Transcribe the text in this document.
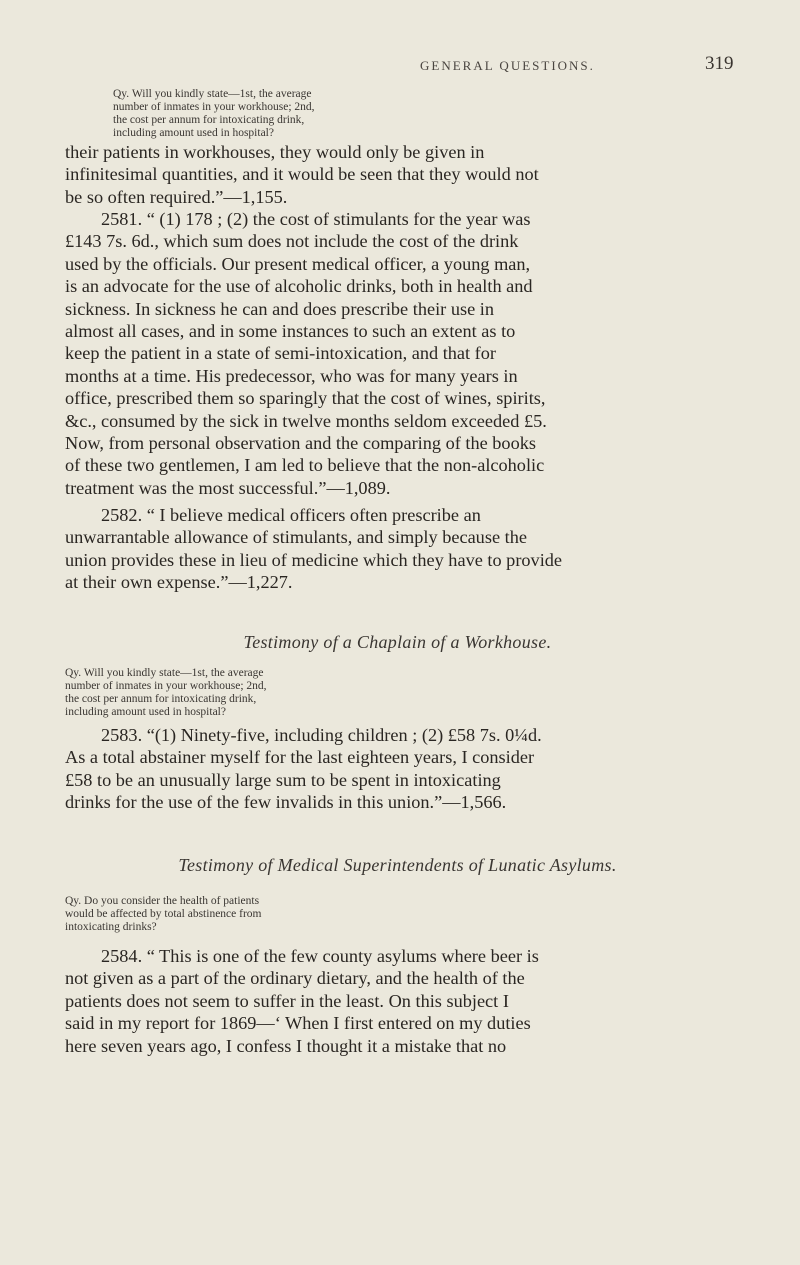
GENERAL QUESTIONS.	319
Qy. Will you kindly state—1st, the average
number of inmates in your workhouse; 2nd,
the cost per annum for intoxicating drink,
including amount used in hospital?

their patients in workhouses, they would only be given in

infinitesimal quantities, and it would be seen that they would not

be so often required.”—1,155.

2581. “ (1) 178 ; (2) the cost of stimulants for the year was

£143 7s. 6d., which sum does not include the cost of the drink

used by the officials. Our present medical officer, a young man,

is an advocate for the use of alcoholic drinks, both in health and

sickness. In sickness he can and does prescribe their use in

almost all cases, and in some instances to such an extent as to

keep the patient in a state of semi-intoxication, and that for

months at a time. His predecessor, who was for many years in

office, prescribed them so sparingly that the cost of wines, spirits,

&c., consumed by the sick in twelve months seldom exceeded £5.

Now, from personal observation and the comparing of the books

of these two gentlemen, I am led to believe that the non-alcoholic

treatment was the most successful.”—1,089.

2582. “ I believe medical officers often prescribe an

unwarrantable allowance of stimulants, and simply because the

union provides these in lieu of medicine which they have to provide

at their own expense.”—1,227.

Testimony of a Chaplain of a Workhouse.
Qy. Will you kindly state—1st, the average
number of inmates in your workhouse; 2nd,
the cost per annum for intoxicating drink,
including amount used in hospital?

2583. “(1) Ninety-five, including children ; (2) £58 7s. 0¼d.

As a total abstainer myself for the last eighteen years, I consider

£58 to be an unusually large sum to be spent in intoxicating

drinks for the use of the few invalids in this union.”—1,566.

Testimony of Medical Superintendents of Lunatic Asylums.
Qy. Do you consider the health of patients
would be affected by total abstinence from
intoxicating drinks?

2584. “ This is one of the few county asylums where beer is

not given as a part of the ordinary dietary, and the health of the

patients does not seem to suffer in the least. On this subject I

said in my report for 1869—‘ When I first entered on my duties

here seven years ago, I confess I thought it a mistake that no
